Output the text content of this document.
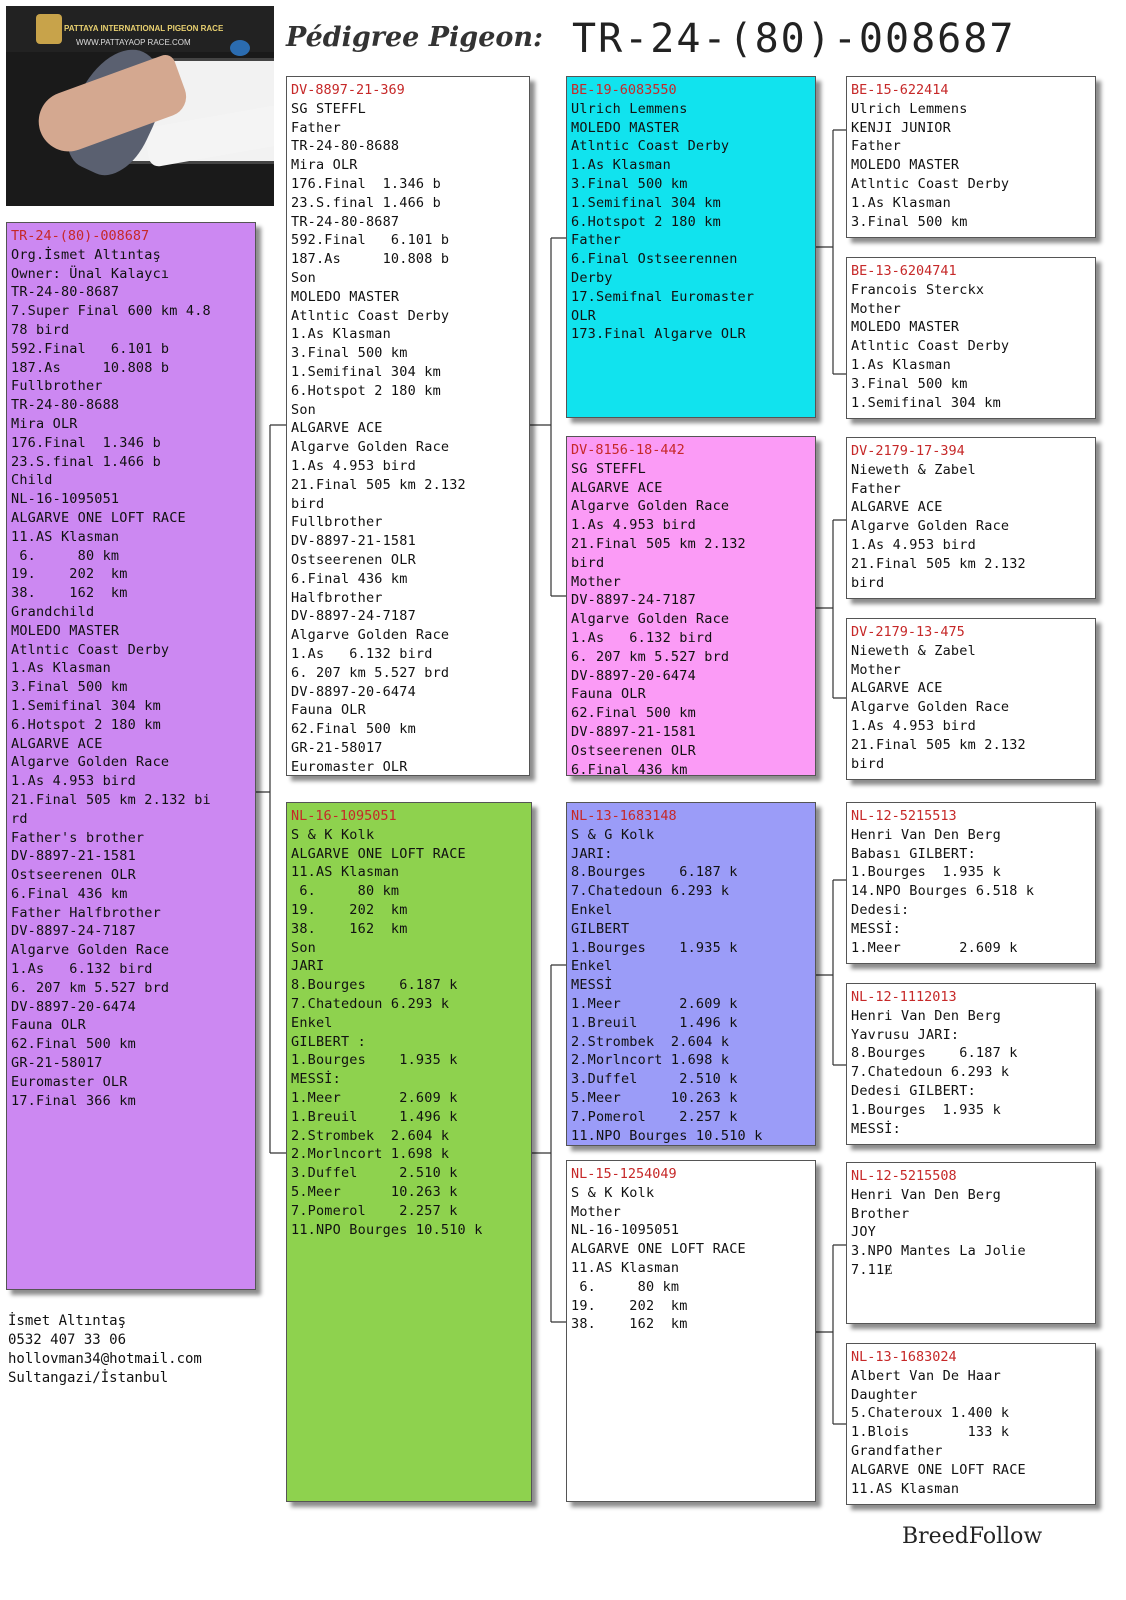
PATTAYA INTERNATIONAL PIGEON RACE
WWW.PATTAYAOP RACE.COM	Pédigree Pigeon: TR-24-(80)-008687
TR-24-(80)-008687
Org.İsmet Altıntaş
Owner: Ünal Kalaycı
TR-24-80-8687
7.Super Final 600 km 4.8
78 bird
592.Final   6.101 b
187.As     10.808 b
Fullbrother
TR-24-80-8688
Mira OLR
176.Final  1.346 b
23.S.final 1.466 b
Child
NL-16-1095051
ALGARVE ONE LOFT RACE
11.AS Klasman
6.     80 km
19.    202  km
38.    162  km
Grandchild
MOLEDO MASTER
Atlntic Coast Derby
1.As Klasman
3.Final 500 km
1.Semifinal 304 km
6.Hotspot 2 180 km
ALGARVE ACE
Algarve Golden Race
1.As 4.953 bird
21.Final 505 km 2.132 bi
rd
Father's brother
DV-8897-21-1581
Ostseerenen OLR
6.Final 436 km
Father Halfbrother
DV-8897-24-7187
Algarve Golden Race
1.As   6.132 bird
6. 207 km 5.527 brd
DV-8897-20-6474
Fauna OLR
62.Final 500 km
GR-21-58017
Euromaster OLR
17.Final 366 km
DV-8897-21-369
SG STEFFL
Father
TR-24-80-8688
Mira OLR
176.Final  1.346 b
23.S.final 1.466 b
TR-24-80-8687
592.Final   6.101 b
187.As     10.808 b
Son
MOLEDO MASTER
Atlntic Coast Derby
1.As Klasman
3.Final 500 km
1.Semifinal 304 km
6.Hotspot 2 180 km
Son
ALGARVE ACE
Algarve Golden Race
1.As 4.953 bird
21.Final 505 km 2.132
bird
Fullbrother
DV-8897-21-1581
Ostseerenen OLR
6.Final 436 km
Halfbrother
DV-8897-24-7187
Algarve Golden Race
1.As   6.132 bird
6. 207 km 5.527 brd
DV-8897-20-6474
Fauna OLR
62.Final 500 km
GR-21-58017
Euromaster OLR
NL-16-1095051
S & K Kolk
ALGARVE ONE LOFT RACE
11.AS Klasman
6.     80 km
19.    202  km
38.    162  km
Son
JARI
8.Bourges    6.187 k
7.Chatedoun 6.293 k
Enkel
GILBERT :
1.Bourges    1.935 k
MESSİ:
1.Meer       2.609 k
1.Breuil     1.496 k
2.Strombek  2.604 k
2.Morlncort 1.698 k
3.Duffel     2.510 k
5.Meer      10.263 k
7.Pomerol    2.257 k
11.NPO Bourges 10.510 k
BE-19-6083550
Ulrich Lemmens
MOLEDO MASTER
Atlntic Coast Derby
1.As Klasman
3.Final 500 km
1.Semifinal 304 km
6.Hotspot 2 180 km
Father
6.Final Ostseerennen
Derby
17.Semifnal Euromaster
OLR
173.Final Algarve OLR
DV-8156-18-442
SG STEFFL
ALGARVE ACE
Algarve Golden Race
1.As 4.953 bird
21.Final 505 km 2.132
bird
Mother
DV-8897-24-7187
Algarve Golden Race
1.As   6.132 bird
6. 207 km 5.527 brd
DV-8897-20-6474
Fauna OLR
62.Final 500 km
DV-8897-21-1581
Ostseerenen OLR
6.Final 436 km
NL-13-1683148
S & G Kolk
JARI:
8.Bourges    6.187 k
7.Chatedoun 6.293 k
Enkel
GILBERT
1.Bourges    1.935 k
Enkel
MESSİ
1.Meer       2.609 k
1.Breuil     1.496 k
2.Strombek  2.604 k
2.Morlncort 1.698 k
3.Duffel     2.510 k
5.Meer      10.263 k
7.Pomerol    2.257 k
11.NPO Bourges 10.510 k
NL-15-1254049
S & K Kolk
Mother
NL-16-1095051
ALGARVE ONE LOFT RACE
11.AS Klasman
6.     80 km
19.    202  km
38.    162  km
BE-15-622414
Ulrich Lemmens
KENJI JUNIOR
Father
MOLEDO MASTER
Atlntic Coast Derby
1.As Klasman
3.Final 500 km
BE-13-6204741
Francois Sterckx
Mother
MOLEDO MASTER
Atlntic Coast Derby
1.As Klasman
3.Final 500 km
1.Semifinal 304 km
DV-2179-17-394
Nieweth & Zabel
Father
ALGARVE ACE
Algarve Golden Race
1.As 4.953 bird
21.Final 505 km 2.132
bird
DV-2179-13-475
Nieweth & Zabel
Mother
ALGARVE ACE
Algarve Golden Race
1.As 4.953 bird
21.Final 505 km 2.132
bird
NL-12-5215513
Henri Van Den Berg
Babası GILBERT:
1.Bourges  1.935 k
14.NPO Bourges 6.518 k
Dedesi:
MESSİ:
1.Meer       2.609 k
NL-12-1112013
Henri Van Den Berg
Yavrusu JARI:
8.Bourges    6.187 k
7.Chatedoun 6.293 k
Dedesi GILBERT:
1.Bourges  1.935 k
MESSİ:
NL-12-5215508
Henri Van Den Berg
Brother
JOY
3.NPO Mantes La Jolie
7.11Ɇ
NL-13-1683024
Albert Van De Haar
Daughter
5.Chateroux 1.400 k
1.Blois       133 k
Grandfather
ALGARVE ONE LOFT RACE
11.AS Klasman
İsmet Altıntaş
0532 407 33 06
hollovman34@hotmail.com
Sultangazi/İstanbul
BreedFollow
